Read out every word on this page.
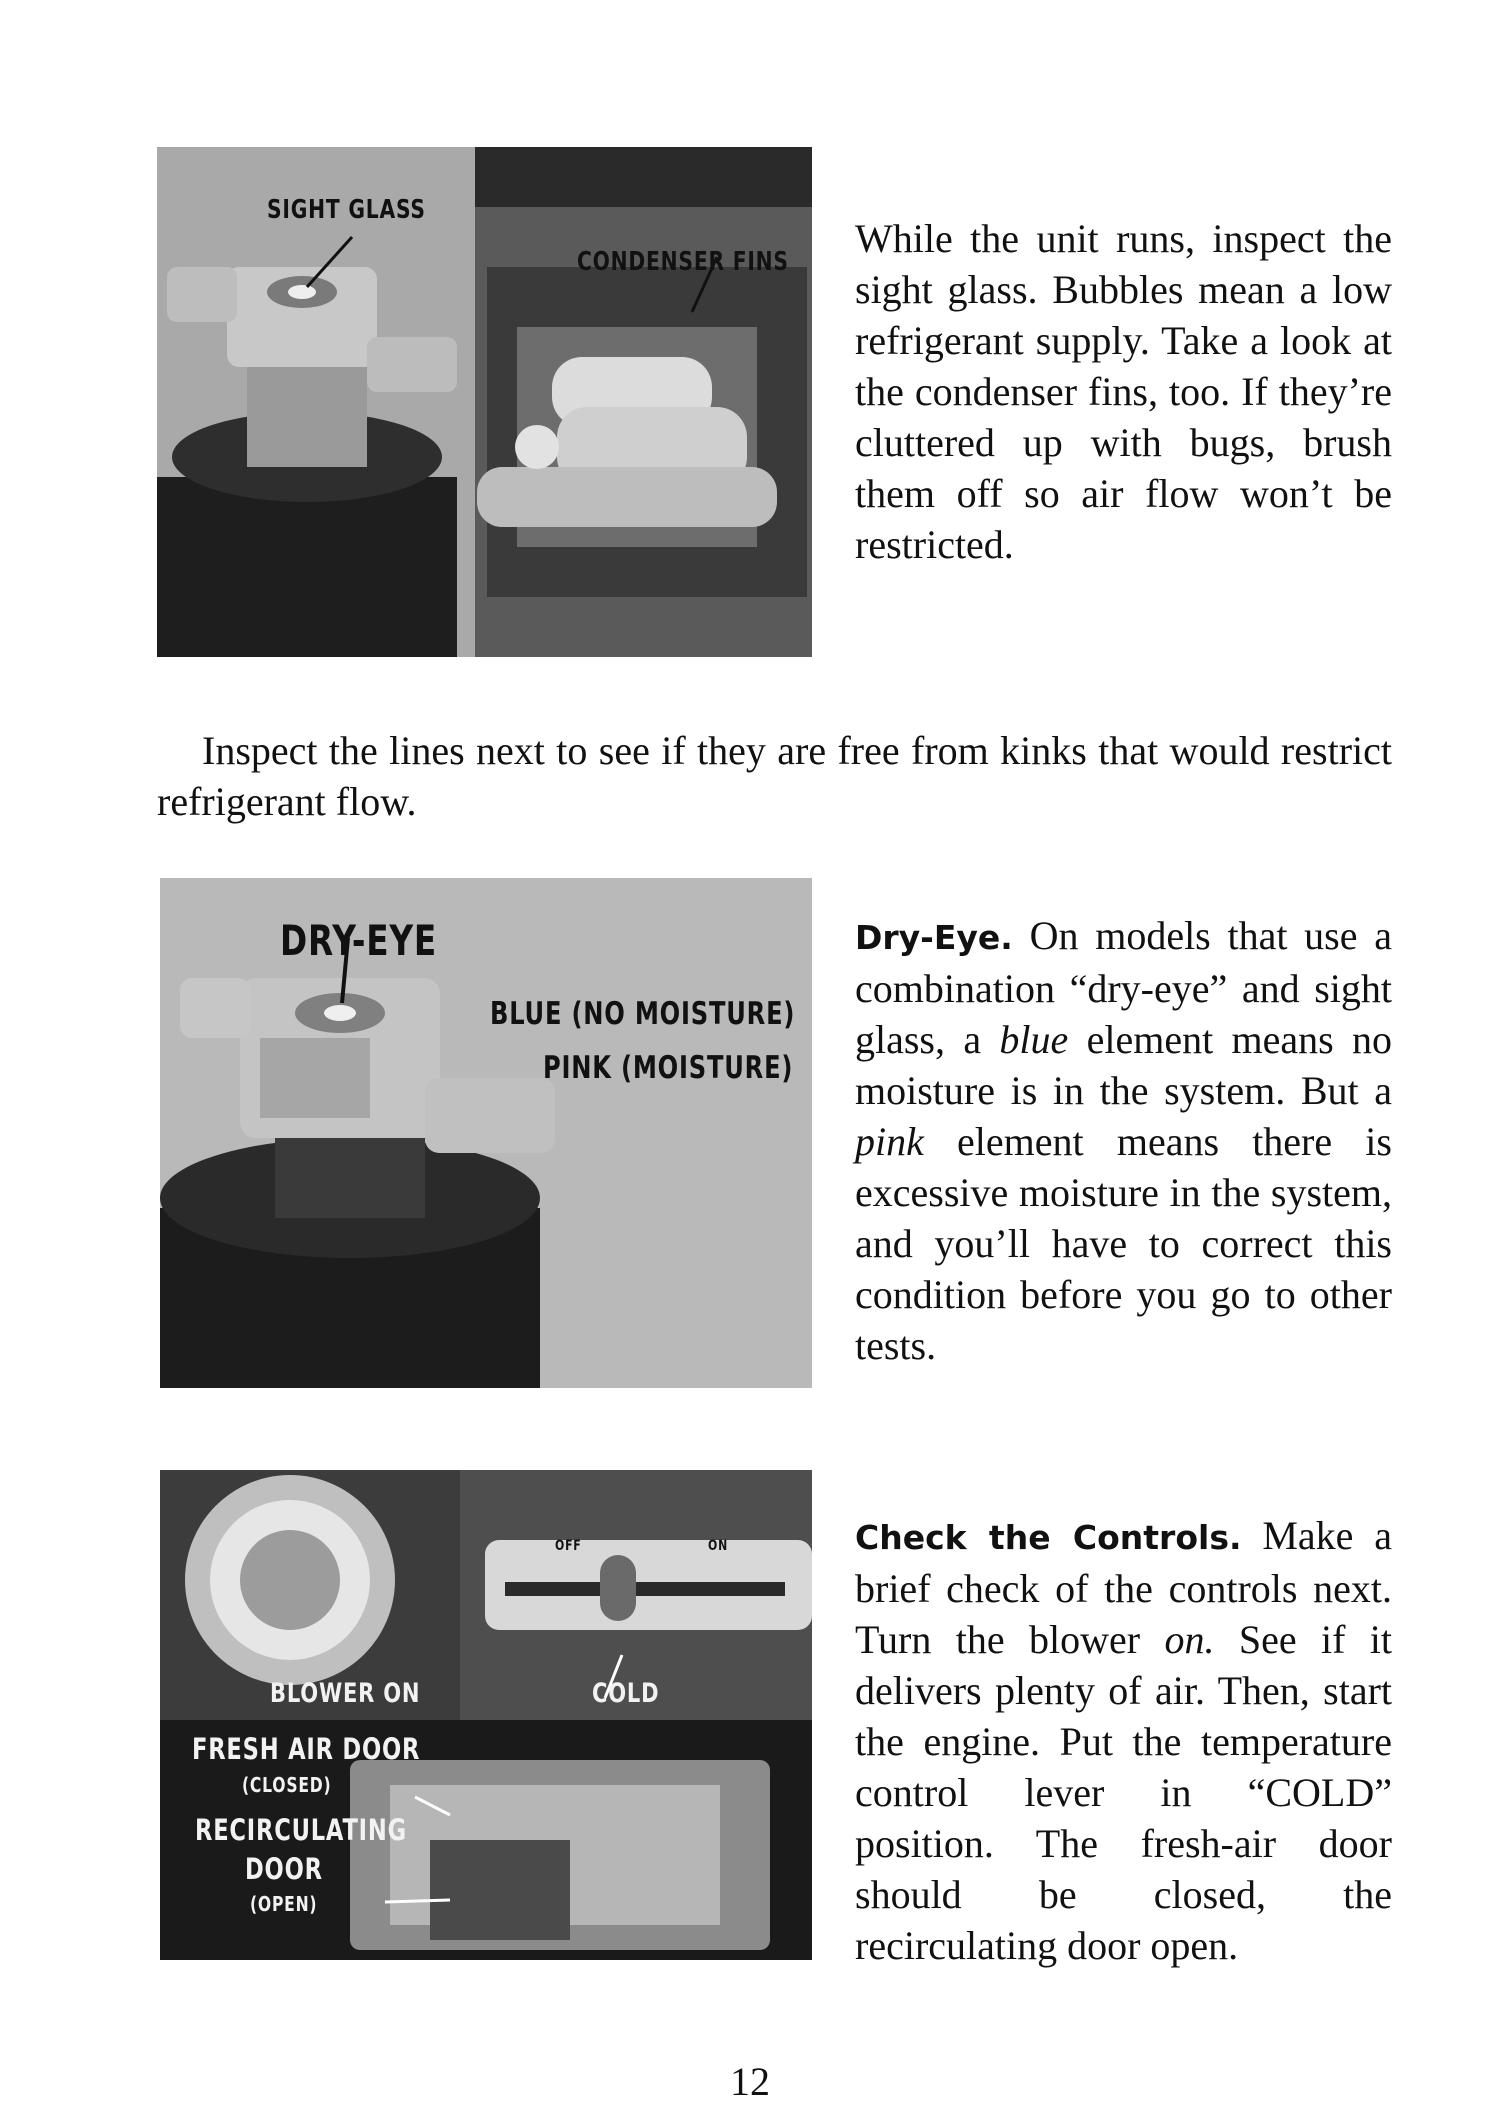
SIGHT GLASS
CONDENSER FINS

While the unit runs, inspect the sight glass. Bubbles mean a low refrigerant supply. Take a look at the condenser fins, too. If they’re cluttered up with bugs, brush them off so air flow won’t be restricted.

Inspect the lines next to see if they are free from kinks that would restrict refrigerant flow.

DRY-EYE
BLUE (NO MOISTURE)
PINK (MOISTURE)

Dry-Eye. On models that use a combination “dry-eye” and sight glass, a blue element means no moisture is in the system. But a pink element means there is excessive moisture in the system, and you’ll have to correct this condition before you go to other tests.

BLOWER ON
OFF	ON
COLD
FRESH AIR DOOR
(CLOSED)
RECIRCULATING
DOOR
(OPEN)

Check the Controls. Make a brief check of the controls next. Turn the blower on. See if it delivers plenty of air. Then, start the engine. Put the temperature control lever in “COLD” position. The fresh-air door should be closed, the recirculating door open.

12
